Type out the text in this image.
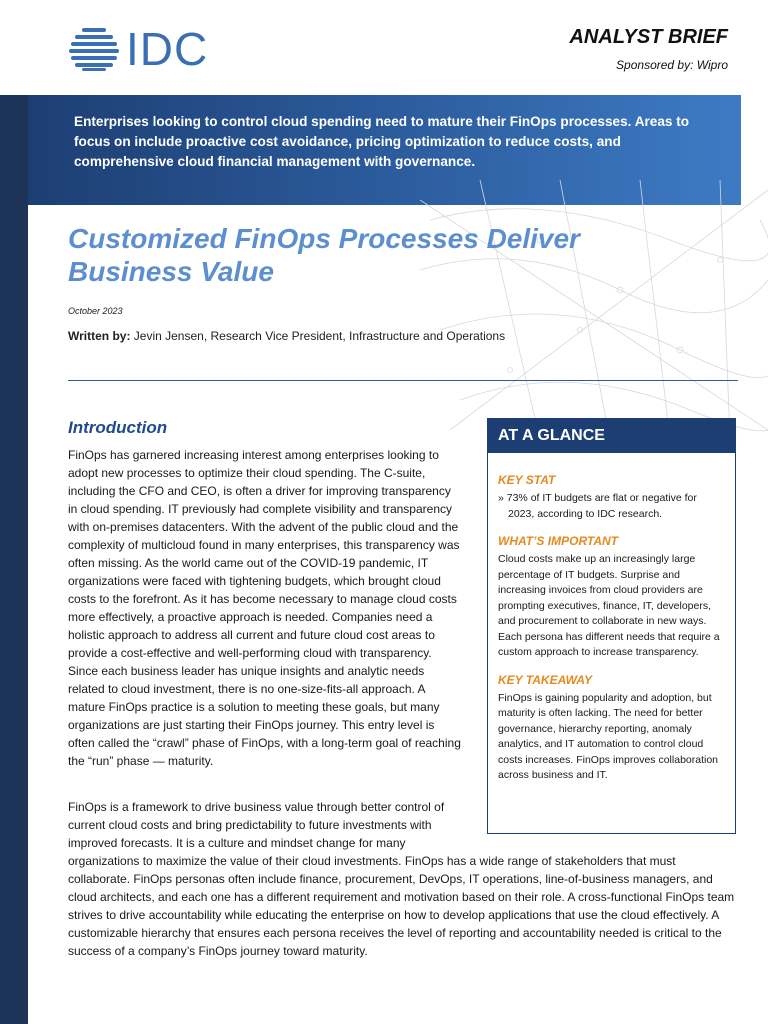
IDC	ANALYST BRIEF
Sponsored by: Wipro
Enterprises looking to control cloud spending need to mature their FinOps processes. Areas to focus on include proactive cost avoidance, pricing optimization to reduce costs, and comprehensive cloud financial management with governance.
Customized FinOps Processes Deliver
Business Value
October 2023
Written by: Jevin Jensen, Research Vice President, Infrastructure and Operations
Introduction

FinOps has garnered increasing interest among enterprises looking to adopt new processes to optimize their cloud spending. The C-suite, including the CFO and CEO, is often a driver for improving transparency in cloud spending. IT previously had complete visibility and transparency with on-premises datacenters. With the advent of the public cloud and the complexity of multicloud found in many enterprises, this transparency was often missing. As the world came out of the COVID-19 pandemic, IT organizations were faced with tightening budgets, which brought cloud costs to the forefront. As it has become necessary to manage cloud costs more effectively, a proactive approach is needed. Companies need a holistic approach to address all current and future cloud cost areas to provide a cost-effective and well-performing cloud with transparency. Since each business leader has unique insights and analytic needs related to cloud investment, there is no one-size-fits-all approach. A mature FinOps practice is a solution to meeting these goals, but many organizations are just starting their FinOps journey. This entry level is often called the “crawl” phase of FinOps, with a long-term goal of reaching the “run” phase — maturity.

FinOps is a framework to drive business value through better control of current cloud costs and bring predictability to future investments with improved forecasts. It is a culture and mindset change for many
organizations to maximize the value of their cloud investments. FinOps has a wide range of stakeholders that must collaborate. FinOps personas often include finance, procurement, DevOps, IT operations, line-of-business managers, and cloud architects, and each one has a different requirement and motivation based on their role. A cross-functional FinOps team strives to drive accountability while educating the enterprise on how to develop applications that use the cloud effectively. A customizable hierarchy that ensures each persona receives the level of reporting and accountability needed is critical to the success of a company’s FinOps journey toward maturity.

AT A GLANCE
KEY STAT

» 73% of IT budgets are flat or negative for
2023, according to IDC research.

WHAT’S IMPORTANT

Cloud costs make up an increasingly large percentage of IT budgets. Surprise and increasing invoices from cloud providers are prompting executives, finance, IT, developers, and procurement to collaborate in new ways. Each persona has different needs that require a custom approach to increase transparency.

KEY TAKEAWAY

FinOps is gaining popularity and adoption, but maturity is often lacking. The need for better governance, hierarchy reporting, anomaly analytics, and IT automation to control cloud costs increases. FinOps improves collaboration across business and IT.
